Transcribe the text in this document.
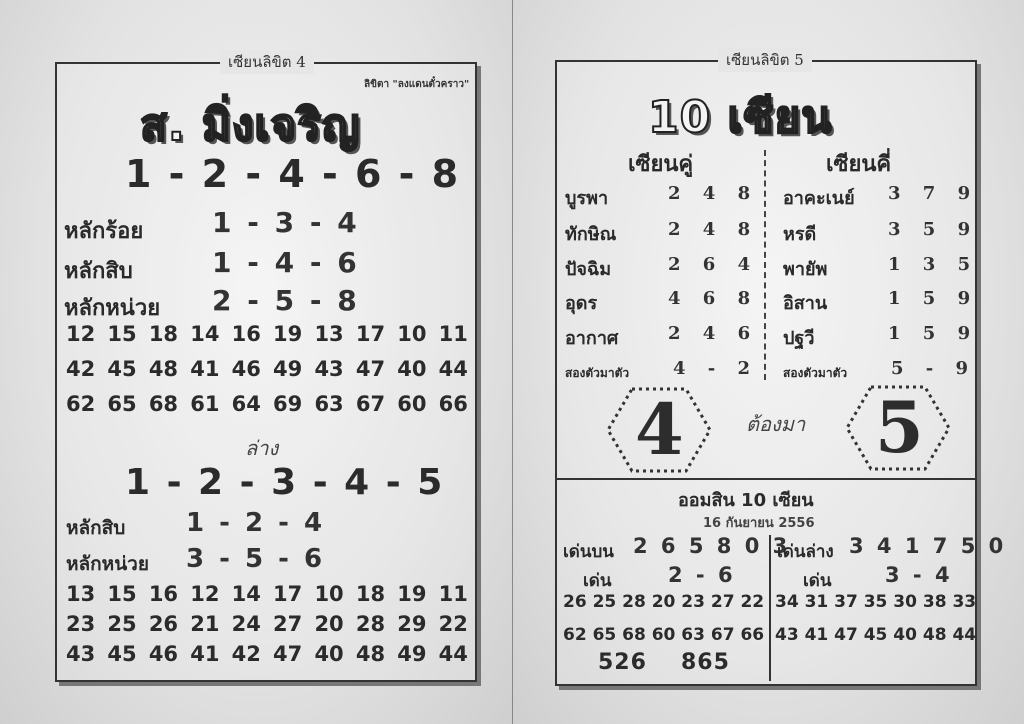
เซียนลิขิต 4
ลิขิตา "ลงแดนตั๋วคราว"
ส. มิ่งเจริญ
1 - 2 - 4 - 6 - 8
หลักร้อย 1 - 3 - 4
หลักสิบ	1 - 4 - 6
หลักหน่วย 2 - 5 - 8
12 15 18 14 16 19 13 17 10 11
42 45 48 41 46 49 43 47 40 44
62 65 68 61 64 69 63 67 60 66
ล่าง
1 - 2 - 3 - 4 - 5
หลักสิบ 1 - 2 - 4
หลักหน่วย 3 - 5 - 6
13 15 16 12 14 17 10 18 19 11
23 25 26 21 24 27 20 28 29 22
43 45 46 41 42 47 40 48 49 44
เซียนลิขิต 5
10 เซียน
เซียนคู่	เซียนคี่
บูรพา	2 4 8
ทักษิณ	2 4 8
ปัจฉิม	2 6 4
อุดร	4 6 8
อากาศ	2 4 6
สองตัวมาตัว 4 - 2
อาคะเนย์ 3 7 9
หรดี	3 5 9
พายัพ	1 3 5
อิสาน	1 5 9
ปฐวี	1 5 9
สองตัวมาตัว 5 - 9
4	ต้องมา 5
ออมสิน 10 เซียน
16 กันยายน 2556
เด่นบน 2 6 5 8 0 3
เด่นล่าง 3 4 1 7 5 0
เด่น	2 - 6	เด่น	3 - 4
26 25 28 20 23 27 22
62 65 68 60 63 67 66
34 31 37 35 30 38 33
43 41 47 45 40 48 44
526 865
